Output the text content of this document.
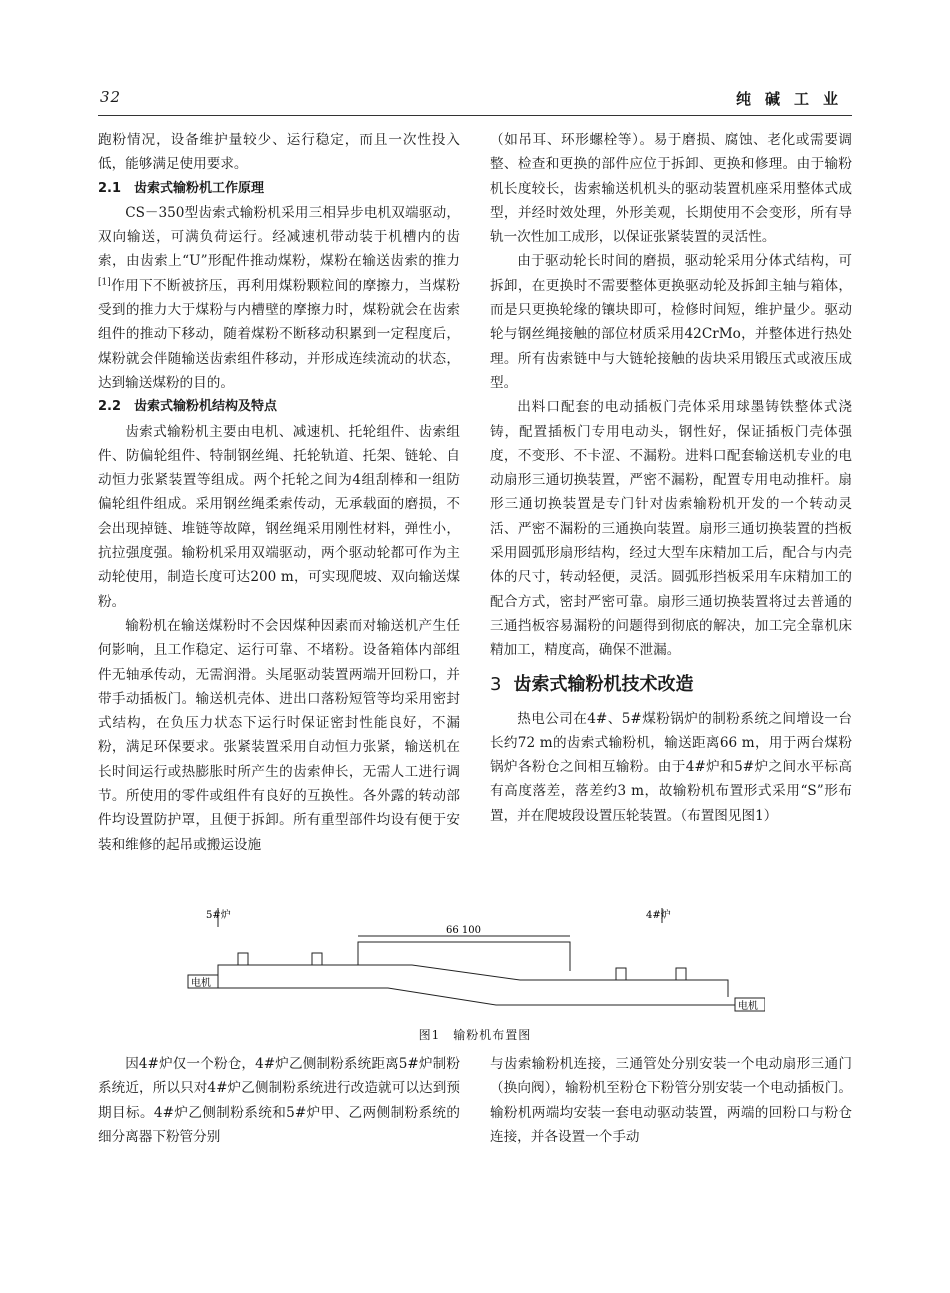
32	纯碱工业

跑粉情况，设备维护量较少、运行稳定，而且一次性投入低，能够满足使用要求。

2.1　齿索式输粉机工作原理

CS－350型齿索式输粉机采用三相异步电机双端驱动，双向输送，可满负荷运行。经减速机带动装于机槽内的齿索，由齿索上“U”形配件推动煤粉，煤粉在输送齿索的推力[1]作用下不断被挤压，再利用煤粉颗粒间的摩擦力，当煤粉受到的推力大于煤粉与内槽壁的摩擦力时，煤粉就会在齿索组件的推动下移动，随着煤粉不断移动积累到一定程度后，煤粉就会伴随输送齿索组件移动，并形成连续流动的状态，达到输送煤粉的目的。

2.2　齿索式输粉机结构及特点

齿索式输粉机主要由电机、减速机、托轮组件、齿索组件、防偏轮组件、特制钢丝绳、托轮轨道、托架、链轮、自动恒力张紧装置等组成。两个托轮之间为4组刮棒和一组防偏轮组件组成。采用钢丝绳柔索传动，无承载面的磨损，不会出现掉链、堆链等故障，钢丝绳采用刚性材料，弹性小，抗拉强度强。输粉机采用双端驱动，两个驱动轮都可作为主动轮使用，制造长度可达200 m，可实现爬坡、双向输送煤粉。

输粉机在输送煤粉时不会因煤种因素而对输送机产生任何影响，且工作稳定、运行可靠、不堵粉。设备箱体内部组件无轴承传动，无需润滑。头尾驱动装置两端开回粉口，并带手动插板门。输送机壳体、进出口落粉短管等均采用密封式结构，在负压力状态下运行时保证密封性能良好，不漏粉，满足环保要求。张紧装置采用自动恒力张紧，输送机在长时间运行或热膨胀时所产生的齿索伸长，无需人工进行调节。所使用的零件或组件有良好的互换性。各外露的转动部件均设置防护罩，且便于拆卸。所有重型部件均设有便于安装和维修的起吊或搬运设施

（如吊耳、环形螺栓等）。易于磨损、腐蚀、老化或需要调整、检查和更换的部件应位于拆卸、更换和修理。由于输粉机长度较长，齿索输送机机头的驱动装置机座采用整体式成型，并经时效处理，外形美观，长期使用不会变形，所有导轨一次性加工成形，以保证张紧装置的灵活性。

由于驱动轮长时间的磨损，驱动轮采用分体式结构，可拆卸，在更换时不需要整体更换驱动轮及拆卸主轴与箱体，而是只更换轮缘的镶块即可，检修时间短，维护量少。驱动轮与钢丝绳接触的部位材质采用42CrMo，并整体进行热处理。所有齿索链中与大链轮接触的齿块采用锻压式或液压成型。

出料口配套的电动插板门壳体采用球墨铸铁整体式浇铸，配置插板门专用电动头，钢性好，保证插板门壳体强度，不变形、不卡涩、不漏粉。进料口配套输送机专业的电动扇形三通切换装置，严密不漏粉，配置专用电动推杆。扇形三通切换装置是专门针对齿索输粉机开发的一个转动灵活、严密不漏粉的三通换向装置。扇形三通切换装置的挡板采用圆弧形扇形结构，经过大型车床精加工后，配合与内壳体的尺寸，转动轻便，灵活。圆弧形挡板采用车床精加工的配合方式，密封严密可靠。扇形三通切换装置将过去普通的三通挡板容易漏粉的问题得到彻底的解决，加工完全靠机床精加工，精度高，确保不泄漏。

3 齿索式输粉机技术改造

热电公司在4#、5#煤粉锅炉的制粉系统之间增设一台长约72 m的齿索式输粉机，输送距离66 m，用于两台煤粉锅炉各粉仓之间相互输粉。由于4#炉和5#炉之间水平标高有高度落差，落差约3 m，故输粉机布置形式采用“S”形布置，并在爬坡段设置压轮装置。（布置图见图1）

5#炉	4#炉
66 100
电机
电机
图1　输粉机布置图

因4#炉仅一个粉仓，4#炉乙侧制粉系统距离5#炉制粉系统近，所以只对4#炉乙侧制粉系统进行改造就可以达到预期目标。4#炉乙侧制粉系统和5#炉甲、乙两侧制粉系统的细分离器下粉管分别

与齿索输粉机连接，三通管处分别安装一个电动扇形三通门（换向阀），输粉机至粉仓下粉管分别安装一个电动插板门。输粉机两端均安装一套电动驱动装置，两端的回粉口与粉仓连接，并各设置一个手动
